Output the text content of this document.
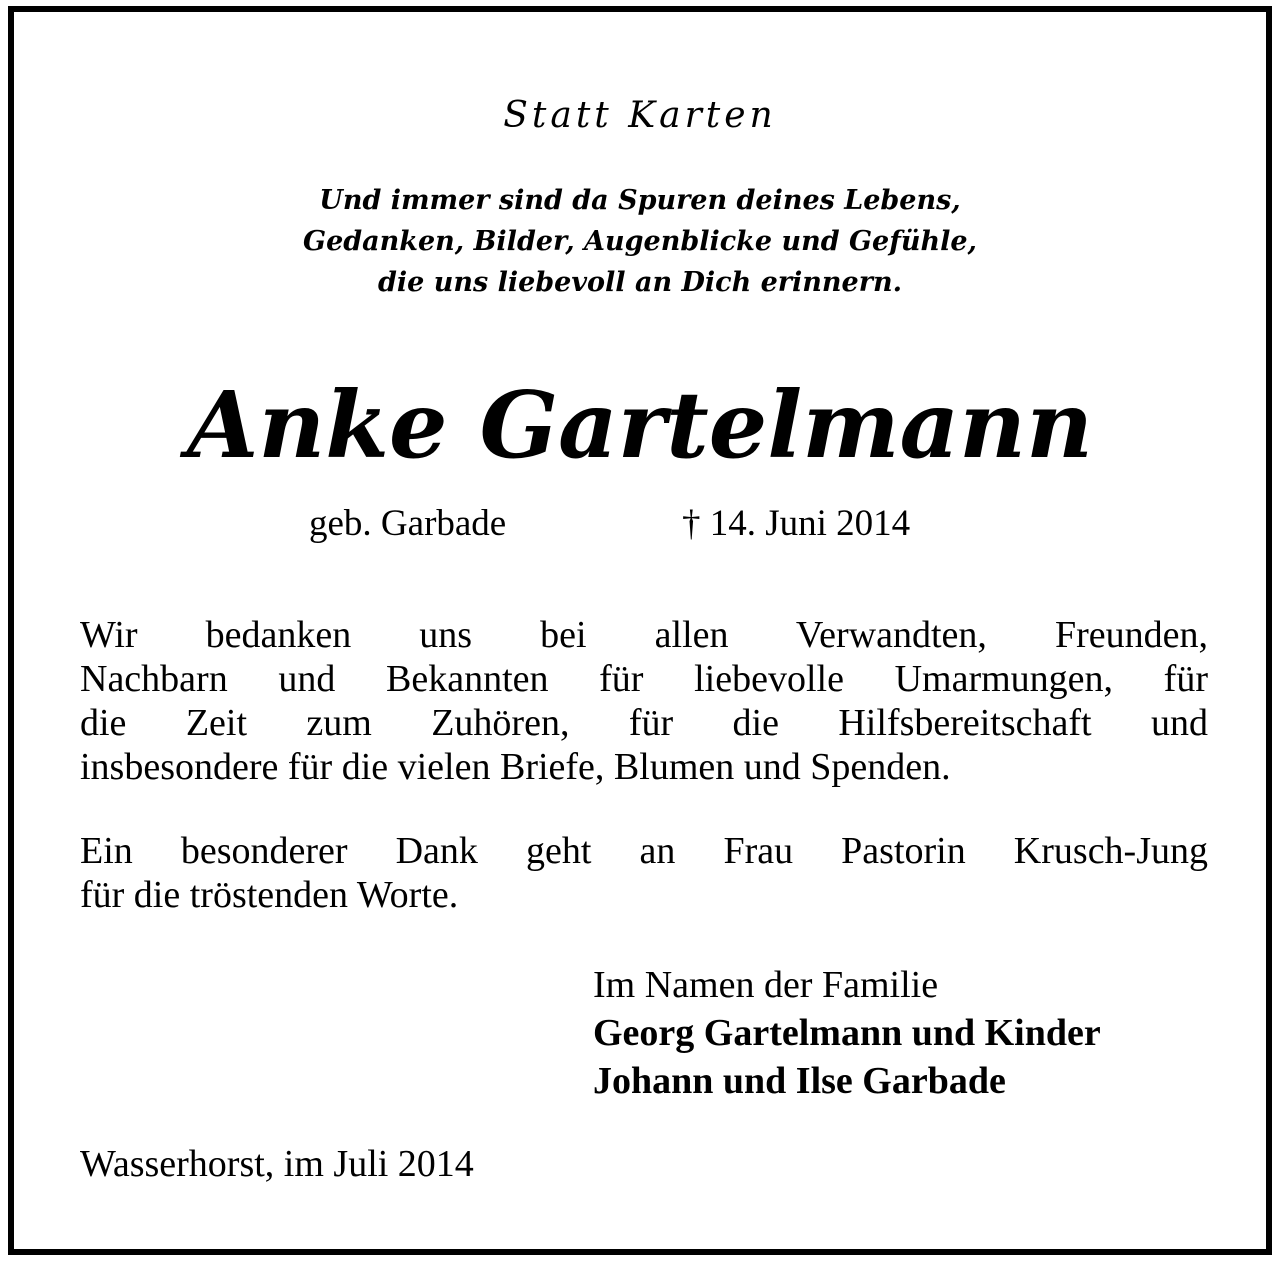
Statt Karten
Und immer sind da Spuren deines Lebens,
Gedanken, Bilder, Augenblicke und Gefühle,
die uns liebevoll an Dich erinnern.
Anke Gartelmann
geb. Garbade	† 14. Juni 2014
Wir bedanken uns bei allen Verwandten, Freunden,
Nachbarn und Bekannten für liebevolle Umarmungen, für
die Zeit zum Zuhören, für die Hilfsbereitschaft und
insbesondere für die vielen Briefe, Blumen und Spenden.
Ein besonderer Dank geht an Frau Pastorin Krusch-Jung
für die tröstenden Worte.
Im Namen der Familie
Georg Gartelmann und Kinder
Johann und Ilse Garbade
Wasserhorst, im Juli 2014
